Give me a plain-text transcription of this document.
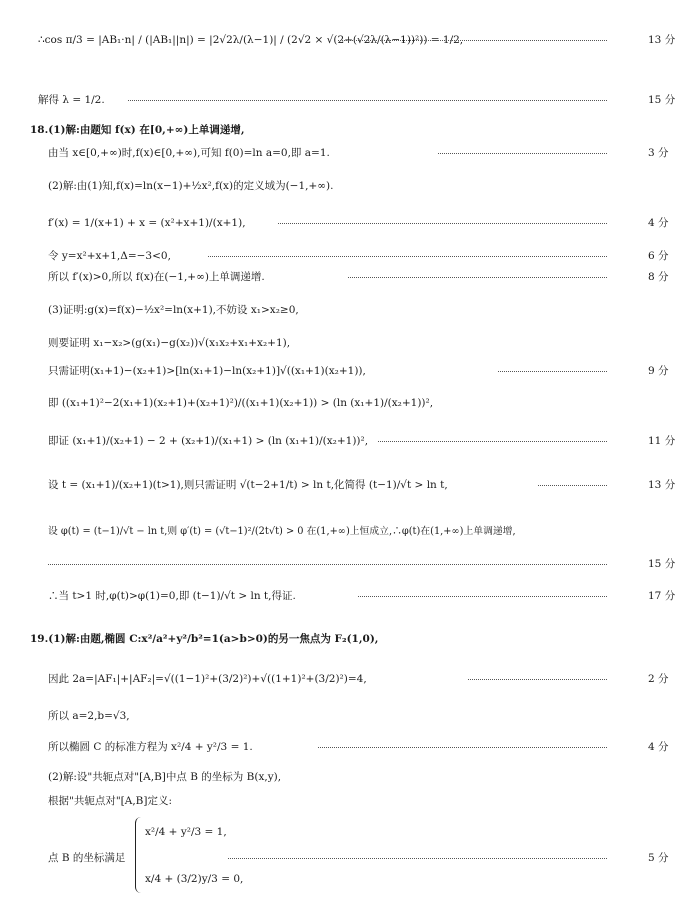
∴cos π/3 = |AB₁·n| / (|AB₁||n|) = |2√2λ/(λ−1)| / (2√2 × √(2+(√2λ/(λ−1))²)) = 1/2,	13 分
解得 λ = 1/2.	15 分
18.(1)解:由题知 f(x) 在[0,+∞)上单调递增,
由当 x∈[0,+∞)时,f(x)∈[0,+∞),可知 f(0)=ln a=0,即 a=1.	3 分
(2)解:由(1)知,f(x)=ln(x−1)+½x²,f(x)的定义域为(−1,+∞).
f′(x) = 1/(x+1) + x = (x²+x+1)/(x+1),	4 分
令 y=x²+x+1,Δ=−3<0,	6 分
所以 f′(x)>0,所以 f(x)在(−1,+∞)上单调递增.	8 分
(3)证明:g(x)=f(x)−½x²=ln(x+1),不妨设 x₁>x₂≥0,
则要证明 x₁−x₂>(g(x₁)−g(x₂))√(x₁x₂+x₁+x₂+1),
只需证明(x₁+1)−(x₂+1)>[ln(x₁+1)−ln(x₂+1)]√((x₁+1)(x₂+1)),	9 分
即 ((x₁+1)²−2(x₁+1)(x₂+1)+(x₂+1)²)/((x₁+1)(x₂+1)) > (ln (x₁+1)/(x₂+1))²,
即证 (x₁+1)/(x₂+1) − 2 + (x₂+1)/(x₁+1) > (ln (x₁+1)/(x₂+1))²,	11 分
设 t = (x₁+1)/(x₂+1)(t>1),则只需证明 √(t−2+1/t) > ln t,化简得 (t−1)/√t > ln t,	13 分
设 φ(t) = (t−1)/√t − ln t,则 φ′(t) = (√t−1)²/(2t√t) > 0 在(1,+∞)上恒成立,∴φ(t)在(1,+∞)上单调递增,
15 分
∴当 t>1 时,φ(t)>φ(1)=0,即 (t−1)/√t > ln t,得证.	17 分
19.(1)解:由题,椭圆 C:x²/a²+y²/b²=1(a>b>0)的另一焦点为 F₂(1,0),
因此 2a=|AF₁|+|AF₂|=√((1−1)²+(3/2)²)+√((1+1)²+(3/2)²)=4,	2 分
所以 a=2,b=√3,
所以椭圆 C 的标准方程为 x²/4 + y²/3 = 1.	4 分
(2)解:设"共轭点对"[A,B]中点 B 的坐标为 B(x,y),
根据"共轭点对"[A,B]定义:
点 B 的坐标满足	5 分
x²/4 + y²/3 = 1,
x/4 + (3/2)y/3 = 0,
